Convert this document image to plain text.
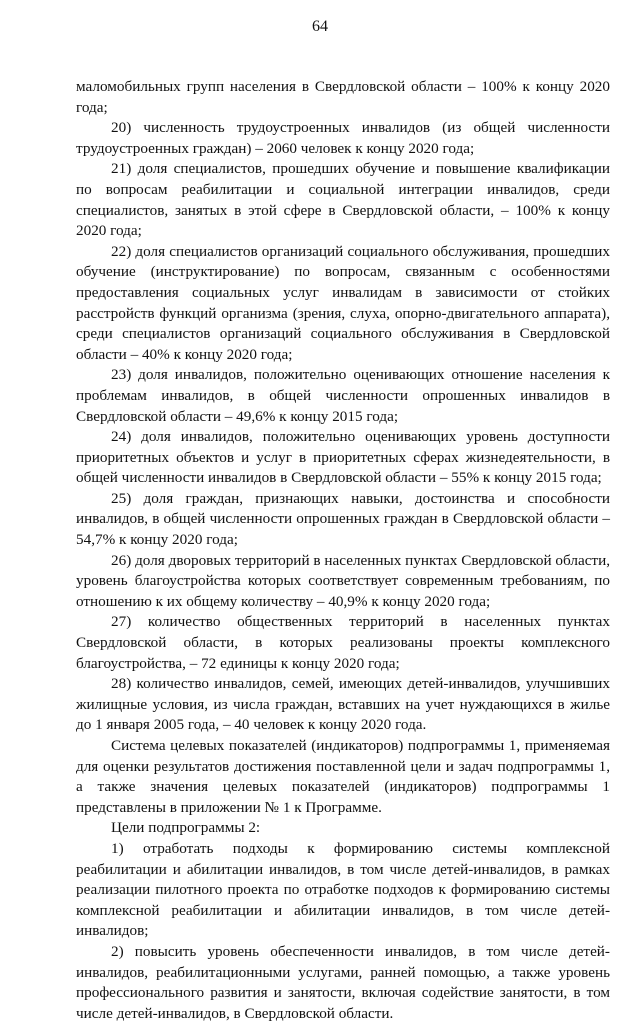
64

маломобильных групп населения в Свердловской области – 100% к концу 2020 года;

20) численность трудоустроенных инвалидов (из общей численности трудоустроенных граждан) – 2060 человек к концу 2020 года;

21) доля специалистов, прошедших обучение и повышение квалификации по вопросам реабилитации и социальной интеграции инвалидов, среди специалистов, занятых в этой сфере в Свердловской области, – 100% к концу 2020 года;

22) доля специалистов организаций социального обслуживания, прошедших обучение (инструктирование) по вопросам, связанным с особенностями предоставления социальных услуг инвалидам в зависимости от стойких расстройств функций организма (зрения, слуха, опорно-двигательного аппарата), среди специалистов организаций социального обслуживания в Свердловской области – 40% к концу 2020 года;

23) доля инвалидов, положительно оценивающих отношение населения к проблемам инвалидов, в общей численности опрошенных инвалидов в Свердловской области – 49,6% к концу 2015 года;

24) доля инвалидов, положительно оценивающих уровень доступности приоритетных объектов и услуг в приоритетных сферах жизнедеятельности, в общей численности инвалидов в Свердловской области – 55% к концу 2015 года;

25) доля граждан, признающих навыки, достоинства и способности инвалидов, в общей численности опрошенных граждан в Свердловской области – 54,7% к концу 2020 года;

26) доля дворовых территорий в населенных пунктах Свердловской области, уровень благоустройства которых соответствует современным требованиям, по отношению к их общему количеству – 40,9% к концу 2020 года;

27) количество общественных территорий в населенных пунктах Свердловской области, в которых реализованы проекты комплексного благоустройства, – 72 единицы к концу 2020 года;

28) количество инвалидов, семей, имеющих детей-инвалидов, улучшивших жилищные условия, из числа граждан, вставших на учет нуждающихся в жилье до 1 января 2005 года, – 40 человек к концу 2020 года.

Система целевых показателей (индикаторов) подпрограммы 1, применяемая для оценки результатов достижения поставленной цели и задач подпрограммы 1, а также значения целевых показателей (индикаторов) подпрограммы 1 представлены в приложении № 1 к Программе.

Цели подпрограммы 2:

1) отработать подходы к формированию системы комплексной реабилитации и абилитации инвалидов, в том числе детей-инвалидов, в рамках реализации пилотного проекта по отработке подходов к формированию системы комплексной реабилитации и абилитации инвалидов, в том числе детей-инвалидов;

2) повысить уровень обеспеченности инвалидов, в том числе детей-инвалидов, реабилитационными услугами, ранней помощью, а также уровень профессионального развития и занятости, включая содействие занятости, в том числе детей-инвалидов, в Свердловской области.
